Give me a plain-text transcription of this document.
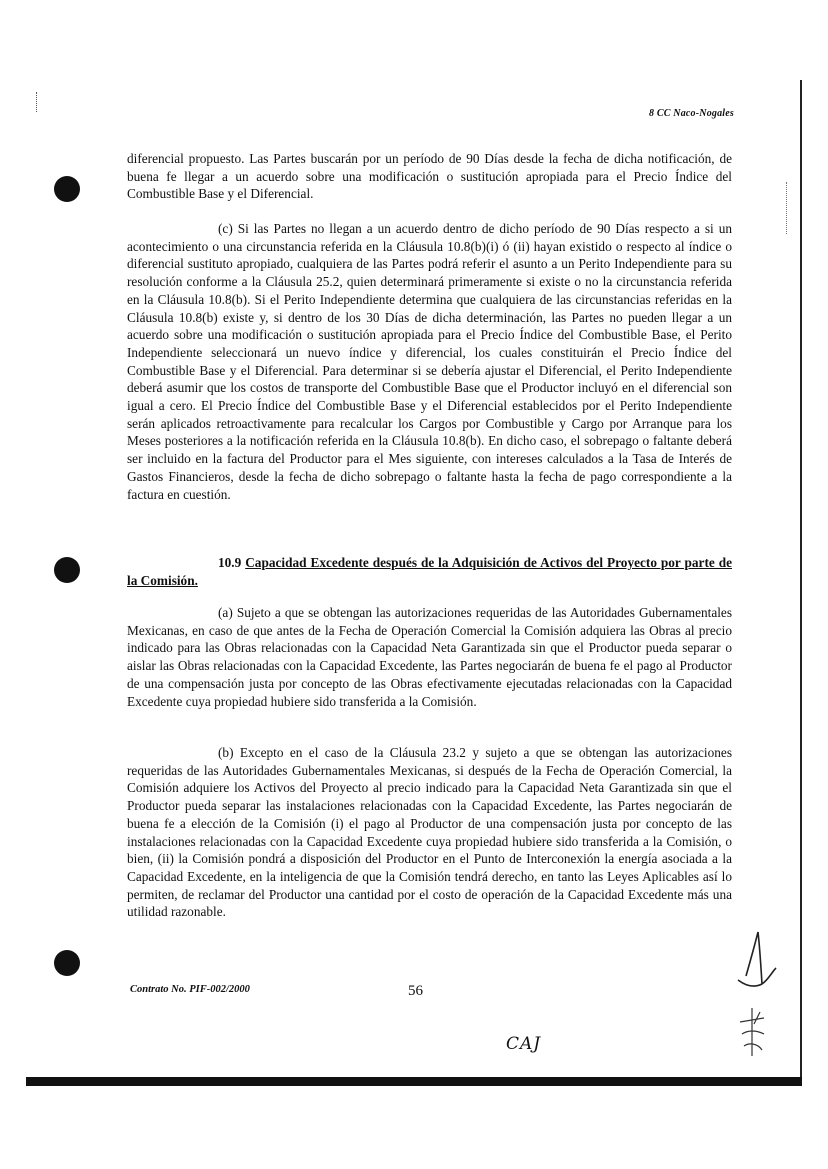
8 CC Naco-Nogales
diferencial propuesto. Las Partes buscarán por un período de 90 Días desde la fecha de dicha notificación, de buena fe llegar a un acuerdo sobre una modificación o sustitución apropiada para el Precio Índice del Combustible Base y el Diferencial.
(c) Si las Partes no llegan a un acuerdo dentro de dicho período de 90 Días respecto a si un acontecimiento o una circunstancia referida en la Cláusula 10.8(b)(i) ó (ii) hayan existido o respecto al índice o diferencial sustituto apropiado, cualquiera de las Partes podrá referir el asunto a un Perito Independiente para su resolución conforme a la Cláusula 25.2, quien determinará primeramente si existe o no la circunstancia referida en la Cláusula 10.8(b). Si el Perito Independiente determina que cualquiera de las circunstancias referidas en la Cláusula 10.8(b) existe y, si dentro de los 30 Días de dicha determinación, las Partes no pueden llegar a un acuerdo sobre una modificación o sustitución apropiada para el Precio Índice del Combustible Base, el Perito Independiente seleccionará un nuevo índice y diferencial, los cuales constituirán el Precio Índice del Combustible Base y el Diferencial. Para determinar si se debería ajustar el Diferencial, el Perito Independiente deberá asumir que los costos de transporte del Combustible Base que el Productor incluyó en el diferencial son igual a cero. El Precio Índice del Combustible Base y el Diferencial establecidos por el Perito Independiente serán aplicados retroactivamente para recalcular los Cargos por Combustible y Cargo por Arranque para los Meses posteriores a la notificación referida en la Cláusula 10.8(b). En dicho caso, el sobrepago o faltante deberá ser incluido en la factura del Productor para el Mes siguiente, con intereses calculados a la Tasa de Interés de Gastos Financieros, desde la fecha de dicho sobrepago o faltante hasta la fecha de pago correspondiente a la factura en cuestión.
10.9 Capacidad Excedente después de la Adquisición de Activos del Proyecto por parte de la Comisión.
(a) Sujeto a que se obtengan las autorizaciones requeridas de las Autoridades Gubernamentales Mexicanas, en caso de que antes de la Fecha de Operación Comercial la Comisión adquiera las Obras al precio indicado para las Obras relacionadas con la Capacidad Neta Garantizada sin que el Productor pueda separar o aislar las Obras relacionadas con la Capacidad Excedente, las Partes negociarán de buena fe el pago al Productor de una compensación justa por concepto de las Obras efectivamente ejecutadas relacionadas con la Capacidad Excedente cuya propiedad hubiere sido transferida a la Comisión.
(b) Excepto en el caso de la Cláusula 23.2 y sujeto a que se obtengan las autorizaciones requeridas de las Autoridades Gubernamentales Mexicanas, si después de la Fecha de Operación Comercial, la Comisión adquiere los Activos del Proyecto al precio indicado para la Capacidad Neta Garantizada sin que el Productor pueda separar las instalaciones relacionadas con la Capacidad Excedente, las Partes negociarán de buena fe a elección de la Comisión (i) el pago al Productor de una compensación justa por concepto de las instalaciones relacionadas con la Capacidad Excedente cuya propiedad hubiere sido transferida a la Comisión, o bien, (ii) la Comisión pondrá a disposición del Productor en el Punto de Interconexión la energía asociada a la Capacidad Excedente, en la inteligencia de que la Comisión tendrá derecho, en tanto las Leyes Aplicables así lo permiten, de reclamar del Productor una cantidad por el costo de operación de la Capacidad Excedente más una utilidad razonable.
Contrato No. PIF-002/2000	56
CAJ
